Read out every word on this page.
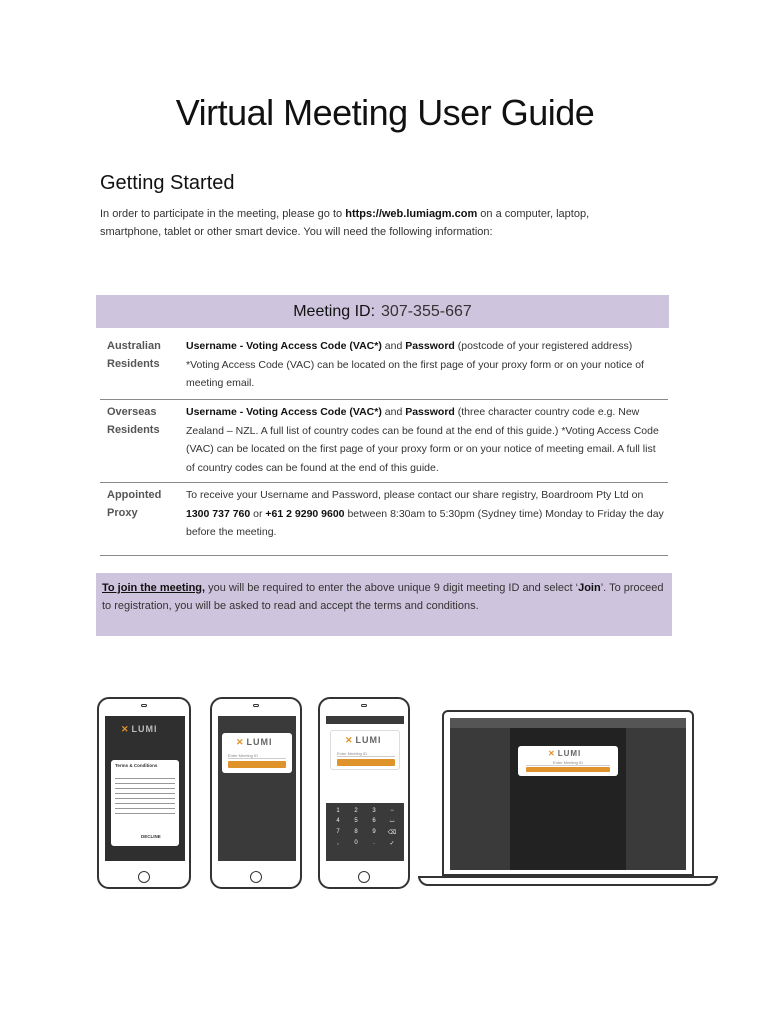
Virtual Meeting User Guide
Getting Started
In order to participate in the meeting, please go to https://web.lumiagm.com on a computer, laptop, smartphone, tablet or other smart device. You will need the following information:
Meeting ID: 307-355-667
Australian Residents
Username - Voting Access Code (VAC*) and Password (postcode of your registered address) *Voting Access Code (VAC) can be located on the first page of your proxy form or on your notice of meeting email.
Overseas Residents
Username - Voting Access Code (VAC*) and Password (three character country code e.g. New Zealand – NZL. A full list of country codes can be found at the end of this guide.) *Voting Access Code (VAC) can be located on the first page of your proxy form or on your notice of meeting email. A full list of country codes can be found at the end of this guide.
Appointed Proxy
To receive your Username and Password, please contact our share registry, Boardroom Pty Ltd on 1300 737 760 or +61 2 9290 9600 between 8:30am to 5:30pm (Sydney time) Monday to Friday the day before the meeting.
To join the meeting, you will be required to enter the above unique 9 digit meeting ID and select ‘Join’. To proceed to registration, you will be asked to read and accept the terms and conditions.
✕ LUMI
Terms & Conditions
DECLINE
✕ LUMI
Enter Meeting ID
✕ LUMI
Enter Meeting ID
1	2	3	−
4	5	6	⌴
7	8	9	⌫
,	0	.	✓
✕ LUMI
Enter Meeting ID
